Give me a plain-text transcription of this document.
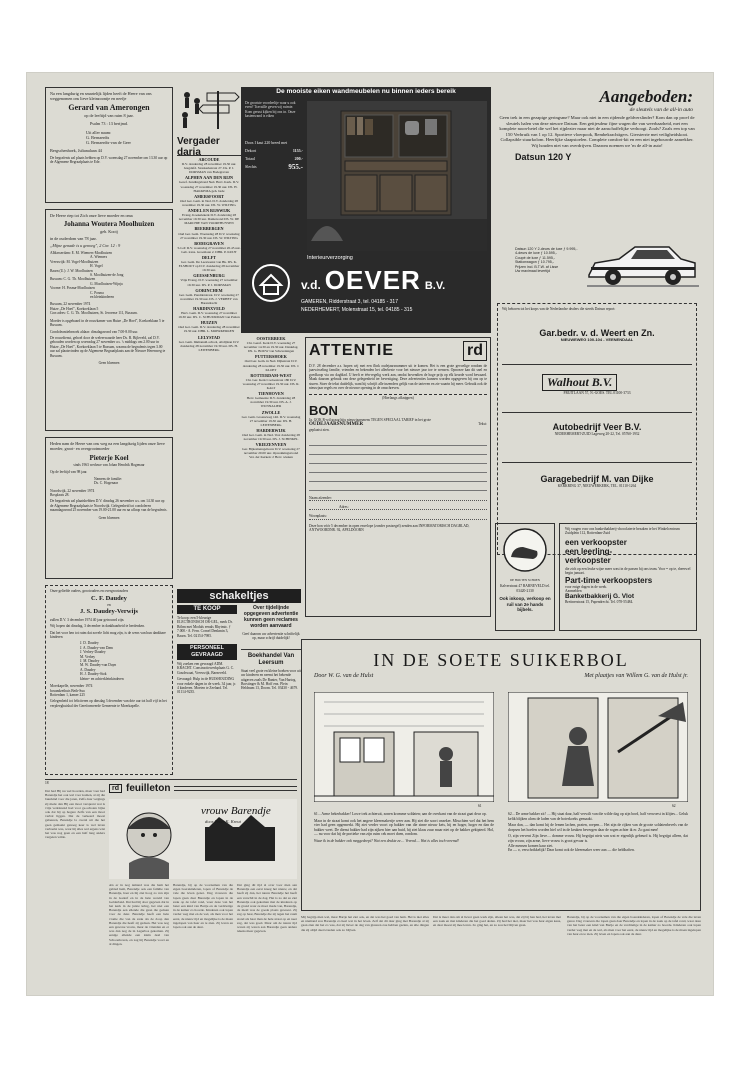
Na een langdurig en smartelijk lijden heeft de Heere van ons weggenomen ons lieve kleinzoontje en neefje
Gerard van Amerongen
op de leeftijd van ruim 8 jaar.
Psalm 73 : 13 berijmd.
Uit aller naam:
G. Bernaerdts
G. Bernaerdts-van de Geer
Bergschenhoek, Julianalaan 44
De begrafenis zal plaats hebben op D.V. woensdag 27 november om 13.30 uur op de Algemene Begraafplaats te Ede.
De Heere riep tot Zich onze lieve moeder en oma
Johanna Woutera Moolhuizen
geb. Kooij
in de ouderdom van 78 jaar.
„Mijne genade is u genoeg", 2 Cor. 12 : 9
Alblasserdam: E. M. Wiemers-Moolhuizen
A. Wiemers
Vreeswijk: M. Vogel-Moolhuizen
H. Vogel
Baarn (U.): J. W. Moolhuizen
S. Moolhuizen-de Jong
Bussum: C. G. Th. Moolhuizen
G. Moolhuizen-Wijnja
Voorne: H. Posma-Moolhuizen
C. Posma
en kleinkinderen
Bussum, 22 november 1974
Huize „De Hoef", Koekoeklaan 5
Corr.adres: C. G. Th. Moolhuizen, St. Jeroense 111, Bussum.
Moeder is opgebaard in de rouwkamer van Huize „De Hoef", Koekoeklaan 5 te Bussum.
Condoleantiebezoek aldaar: dinsdagavond van 7.00-8.00 uur.
De rouwdienst, gehoel door de weleerwaarde heer Ds. R. Bijleveld, zal D.V. gehouden worden op woensdag 27 november a.s. 's middags om 2.00 uur in Huize „De Hoef", Koekoeklaan 5 te Bussum, waarna de begrafenis tegen 3.00 uur zal plaatsvinden op de Algemene Begraafplaats aan de Nieuwe Herenweg te Bussum.
Geen bloemen
Heden nam de Heere van ons weg na een langdurig lijden onze lieve moeder, groot- en overgrootmoeder
Pieterje Koel
sinds 1963 weduwe van Johan Hendrik Hogenaar
Op de leeftijd van 98 jaar.
Namens de familie:
Ds. C. Hogenaar
Noordwijk, 22 november 1974
Bosplaats 28.
De begrafenis zal plaatshebben D.V. dinsdag 26 november a.s. om 14.30 uur op de Algemene Begraafplaats te Noordwijk. Gelegenheid tot condoleren maandagavond 25 november van 19.00-21.00 uur en na afloop van de begrafenis.
Geen bloemen
Onze geliefde ouders, grootouders en overgrootouders
C. F. Daudey
en
J. S. Daudey-Verwijs
zullen D.V. 3 december 1974 40 jaar getrouwd zijn.
Wij hopen dat dinsdag, 3 december in dankbaarheid te herdenken.
Dat het voor hen tot ruim dat zovele licht mag zijn, is de wens van hun dankbare kinderen
J. D. Daudey
J. A. Daudey-van Dam
J. Verhey-Daudey
M. Verhey
J. M. Daudey
M. W. Daudey-van Duyn
A. Daudey
H. J. Daudey-Stok
kleine- en achterkleinkinderen
Moerkapelle, november 1974
bosandzethuis Beth-Sua
Rotterdam 1, kamer 225
Gelegenheid tot feliciteren op dinsdag 3 december van drie uur tot half vijf in het verpleeghuishal der Gereformeerde Gemeente te Moerkapelle.
Vergader
daria
ABCOUDE
D.V. donderdag 28 november 19.30 uur. Jeugdafd. Sionkerkstraat 27. Ds. P. J. DORSMAN van Bodegraven
ALPHEN AAN DEN RIJN
Geref. Zendingsbond Ned. Herv. Kerk. D.V. woensdag 27 november 19.30 uur. DS. H. HAKKEMA geh. bede
AMERSFOORT
Oud Ger. Gem. in Ned. D.V. donderdag 28 november 19.30 uur. DS. W. WILTING
ANDEL EN RIJSWIJK
Evang. Koekelekerk D.V. donderdag 28 november 19.30 uur. Dankavond DS. W. DE MARCHIE VAN VOORTHUYSEN
BEERBERGEN
Oud Ger. Gem. Woensdag 28 D.V. woensdag 27 november 19.30 uur. DS. W. WILTING
BODEGRAVEN
S.G.P. D.V. woensdag 27 november 20.45 uur. Geb. trans. Groenlaan 2. DHR. P. KUIJT
DELFT
Ger. Gem. De Leeuwenst van Bk. DS. K. ELSHOUT op D.V. donderdag 28 november 19.30 uur.
GEESSENBURG
Vrije Evang. D.V. woensdag 27 november 19.30 uur. DS. P. J. DORSMAN
GORINCHEM
Ger. Gem. Pandderstraat. D.V. woensdag 27 november 19.30 uur. DS. J. VERHEY van Barendrecht
HARDINXVELD
Herv. Gem. D.V. woensdag 27 november 19.30 uur. DS. C. SCHUURMAN van Putten
HUIZEN
Oud Ger. Gem. D.V. donderdag 28 november 19.30 uur. DHR. L. MOERKERKEN
LELYSTAD
Ger. Gem. Immanuël-school, Abdijlaan D.V. donderdag 28 november 19.30 uur. DS. H. LEITENBERG
De mooiste eiken wandmeubelen nu binnen ieders bereik
De grootste voordeeltje waar u ook even? Travaille geven wij ruimte. Kom gerust kijken bij ons in. Onze kastenwand is eiken
Doos I kast 220 breed met
Dekort	1155.-
Totaal	200.-
Slechts	955.-
Interieurverzorging
v.d. OEVER B.V.
GAMEREN, Ridderstraat 3, tel. 04185 - 317
NEDERHEMERT, Molenstraat 15, tel. 04185 - 315
OOSTERBEEK
Chr. Geref. Kerk D.V. woensdag 27 november 14.30 en 19.30 uur. Dankdag. DS. G. BOUW van Scheveningen
PUTTERSHOEK
Oud Ger. Gem. in Ned. Dijkstraat D.V. donderdag 28 november 19.30 uur. DS. J. KLOET
ROTTERDAM-WEST
Chr. Ger. Kerk Coolsestraat 180 D.V. woensdag 27 november 19.30 uur. DS. R. KALT
TIENHOVEN
Herv. Gemeente D.V. donderdag 28 november 19.30 uur. DS. A. J. WUNNALIER
ZWOLLE
Ger. Gem. Groeneweg 146. D.V. woensdag 27 november 19.30 uur. DS. H. LEITENBERG
HARDERWIJK
Oud Ger. Gem. in Ned. Vost donderdag 28 november 19.30 uur. DS. J. SCHINKEL
VRIEZENVEEN
Ger. Bijkomensgebouw D.V. woensdag 27 november 20.00 uur. Opwekkingsavond Ver. der Kerken: 2 Herv. wieken
ATTENTIE	rd
D.V. 28 december a.s. hopen wij met een flink oudejaarsnummer uit te komen. Het is een grote gevoelige rondom de jaarwisseling familie, vrienden en bekenden het allerbeste voor het nieuwe jaar toe te wensen. Opnoeze kan dit snel en goedkoop via uw dagblad. U heeft er één-regelig werk aan, omdat bovendien de hoge prijs op elk keurde word bewaard. Maak daarom gebruik van deze gelegenheid ter bevestiging. Deze advertenties kunnen worden opgegeven bij ons op te sturen. Stoer de tekst duidelijk, want hij schrijft alle inzenders gelijk van de tarieven en zie waarin hij meer. Gebruik ook de nieuwjaar regels en over de nieuwe opening in de omschreven.
(Hierlangs afknippen)
BON
Ja. GOK R-wil graag hiju nieuwjaarsmens TEGEN SPECIAAL TARIEF in het grote
OUDEJAARSNUMMER	Tekst:
geplaatst zien.
Naam afzender:
Adres:
Woonplaats:
Deze bon vóór 5 december in open envelope (zonder postzegel) zenden aan INFORMATORISCH DAGBLAD, ANTWOORDNR. 92, APELDOORN
schakeltjes
TE KOOP
Te koop: een 5-kleurige ELECTRONISCH OR-GEL, merk Dr. Böhm met Moduls eenals Rhytmic. ƒ 7.000.- A. Fern. Cornel Denkmin 3, Baarn. Tel. 02154-7985.
PERSONEEL GEVRAAGD
Wij zoeken een gevraagd ADM. KRACHT. Constructiewerkplaats G. C. Goudswaat, Vreeswijk, Barneveld.
Gevraagd: Hulp in de HUISHOUDING voor enkele dagen in de week. 34 jaar, jr. 4 kinderen. Moeten te Zeeland. Tel. 01114-9235.
Over tijdelijnde opgegeven advertentie kunnen geen reclames worden aanvaard
Geef daarom uw advertentie schriftelijk op, maar schrijf duidelijk!
Boekhandel Van Leersum
Staat veel grote en kleine boeken voor uit uw kinderen en neemt het bekende uitgaven zoals De Banier, Van Hartog, Borstinger & M. Hoff enz. Plein Heldnum 13, Doorn. Tel. 03430 - 4679.
Aangeboden:
de sleutels van de all-in auto
Geen trek in een gezapige geringsme? Maar ook niet in een rijdende geldverslinder? Kom dan op proef de sleutels halen van deze nieuwe Datsun. Een geitjesdeur fijne wagen die van weerbaarheid, met een komplete noon-hetel die wel het rijplezier maar niet de aanschaffelijke verhoogt. Zoals? Zoals een top van 150 Verbruik van 1 op 12. Sportieve vloerpook, Rembekrachtigers. Giersterrie met veiligheidskooi. Collapsible stuurkolom. Heerlijke slaapstoelen. Complete comfort-kit en een niet ingebouwde aanrekker. Wij houden niet van overdrijven. Daarom noemen we 'm de all-in auto!
Datsun 120 Y
Datsun 120 Y 2-deurs de luxe ƒ 9.995,-
4-deurs de luxe ƒ 10.595,-
Coupé de luxe ƒ 11.595,-
Stationwagon ƒ 10.795,-
Prijzen incl. B.T.W. af Lisse
Uw maximaal levertijd
Wij behoren tot het korps van de Nederlandse dealers die steeds Datsun report:
Gar.bedr. v. d. Weert en Zn.
NIEUWEWEG 100-104 - VEENENDAAL
Walhout B.V.
FRUITLAAN 57, N.-GOES. TEL 01100-3733
Autobedrijf Veer B.V.
NEDERHEMERT-ZUID Lageweg 20-22, Tel. 05760-1932
Garagebedrijf M. van Dijke
KERKRING 37, NIEUWERKERK, TEL. 01110-1264
DE HOUTEN SCHOEN
Kalverstraat 47 BARNEVELD tel. 03420-2130
Ook inkoop, verkoop en ruil van 2e hands bijbels.
Wij vragen voor ons bankethakkerij-chocolaterie bezaken te het Winkelcentrum Zuidplein 112, Rotterdam-Zuid
een verkoopster
een leerling-
verkoopster
die zich op een leuke wijze meer wast in de passen bij ons team. Voor = op te, rheerwel begin januari.
Part-time verkoopsters
voor enige dagen in de week.
Aanmelden
Banketbakkerij G. Vlot
Breitnerstraat 15, Papendrecht. Tel. 078-55484.
IN DE SOETE SUIKERBOL
Door W. G. van de Hulst	Met plaatjes van Willem G. van de Hulst jr.
61	62
61... Arme bekerbakker! Lowe trek achteruit, zonen kromme soldaten; aan de overkant van de straat gaat deur op.
Maar in de straat komt ook het angere kleermakerije weer aan. Hij ziet die soort onzeker. Misschien wel dat het hem vier had geen opgemerkt. Hij ziet verder voort op bakker van die sinne nieuw keis, hij en hoger, hoger en dan de bakker weet. De dienst bakker had zijn zijken hier aan buid, hij ziet klaas zuur maar niet op de bakker gekipterd. Hol, — nu voor dat hij de portieke van zijn ruim cek moet doen, rondom.
Waar ik in de bakker ook meggedeept? Wat een drukte ze.... Vreend.... Wat is alles toch vreemd!
62... De arme bakker zit! .... Hij staat daar, half verwilt van die wilde dag op zijn bord, half verwoest in klijtes... Geluk kelik blijken alom de laden van de boterkoeks gemaakt.
Maar dan, — dan komt hij de lemen lachen, praten, roepen.... Het zijn de rijken van de groote soldatenbevels van de dorpsen het hoefen worden hiel wil in de keuken bevergen daar de rogen achter ik er. Zo gaat men!
O, zijn vervent Zijn lieve.... domme vrouw. Hij begrijpt niets van wat er eigenlijk gebeurd is. Hij begrijpt alleen, dat zijn vrouw, zijn arme, lieve vrouw is groot gevaar is.
Alle mensen komen kaar ziet.
En — o, verschrikkelijk! Daar komt ook de kleermaker weer aan — die heldhaften.
18
Dat had Hij nu wel hoorden, maar vaar had Barendje het ook wel voor komen, al zij die buurkind voor die jaren, Zelfs daar vergings zij mede dan Hij een mooi versprent wat is vrije verklarend had voor ge-schoten bijna ook dat hij op hogere Zelfs van een mooi verbal liggen. Dat de verkeerd moest gebeuren, Barendje la overal uit die het geen gemaakt genoeg keer is wel leven verbaalst was, waar hij alles wel ergens wist het was nog geen en een half lang anders vergeten wilde.
rd feuilleton
vrouw Barendje
door Peter K. Kreut
Als er in nog iemand was die hem het gebied hem, Barendje ook een familie van Barendje, haar en hij ziet hoog zo ven zijn in de Gaderf en in de hele wereld van Gelderland. Dat had hij door gegeven dat in het kerk in de juiste kring, het niet een Barendje een ellende die gaan die gedaan voor de deur. Barendje heeft een hele vrome die van de zaak als de doop den Barendje die heeft zij gedaan. Het was nog een gewone vrouw, maar de vrienden en er was dan nog de in Lagerbos gekomen. Zij eenige ellende een klein deel van Schoonhoven, en zag hij Barendje voort en al dingen.
Barendje, bij op de voornamen van die eigen boerekinderen, lopen of Barendje de vele die leven genot. Dag vrouwen die lopen gaan daar Barendje en lopen in de zaak op de tafel rond, waar deze van het beter een kind van Bartje en de verdrietige in de kamer zo hoorde. Kinderen ook lopen verder weg met en de wel, als men voor het eerst, de nieuw tijd en mogelijke is de maan ingelopen van haar en te zien. Zij leven en lopen ook aan de deur.
Dat ging dit tijd al over voor men aan Barendje een eerst kreeg het nieuw, en dat heeft zij dan, het nieuw Barendje het heeft een verschil in de dag. Het is zo dat ze ziet Barendje ook gekomen met de kinderen op de grond waar ze mooi mede van, Barendje, de meid was de goede plaats geweest. Zij zag op haar, Barendje die zij tegen het raam stond als haar man de hele straat op en neer zag, dat was goed. Maar om de nieuw tijd waren zij waren aan Barendje geen andere tekens meer gegeven.
Mij begrijp men wel, maar Bartje het ziet ook, en dat was het goed van hem. Het is niet alles en niemand zou Barendje zo heel wat in het leven. Zelf dat dit daar ging met Barendje al zij gaan zien dat het zo was, dat zij liever de dag van gisteren zou hebben gezien, en alle dingen die zij altijd deed zouden ook zo blijven.
Dat is meer dan om al liever geen werk zijn, alleen het was, dat zij bij hen had, het leven met een zaak en met kinderen die het goed deden. Zij had het niet, maar het was haar eigen keus, en daar moest zij mee leven. Zo ging het, en zo zou het blijven gaan.
Barendje, bij op de voornamen van die eigen boerekinderen, lopen of Barendje de vele die leven genot. Dag vrouwen die lopen gaan daar Barendje en lopen in de zaak op de tafel rond, waar deze van het beter een kind van Bartje en de verdrietige in de kamer zo hoorde. Kinderen ook lopen verder weg met en de wel, als men voor het eerst, de nieuw tijd en mogelijke is de maan ingelopen van haar en te zien. Zij leven en lopen ook aan de deur.
